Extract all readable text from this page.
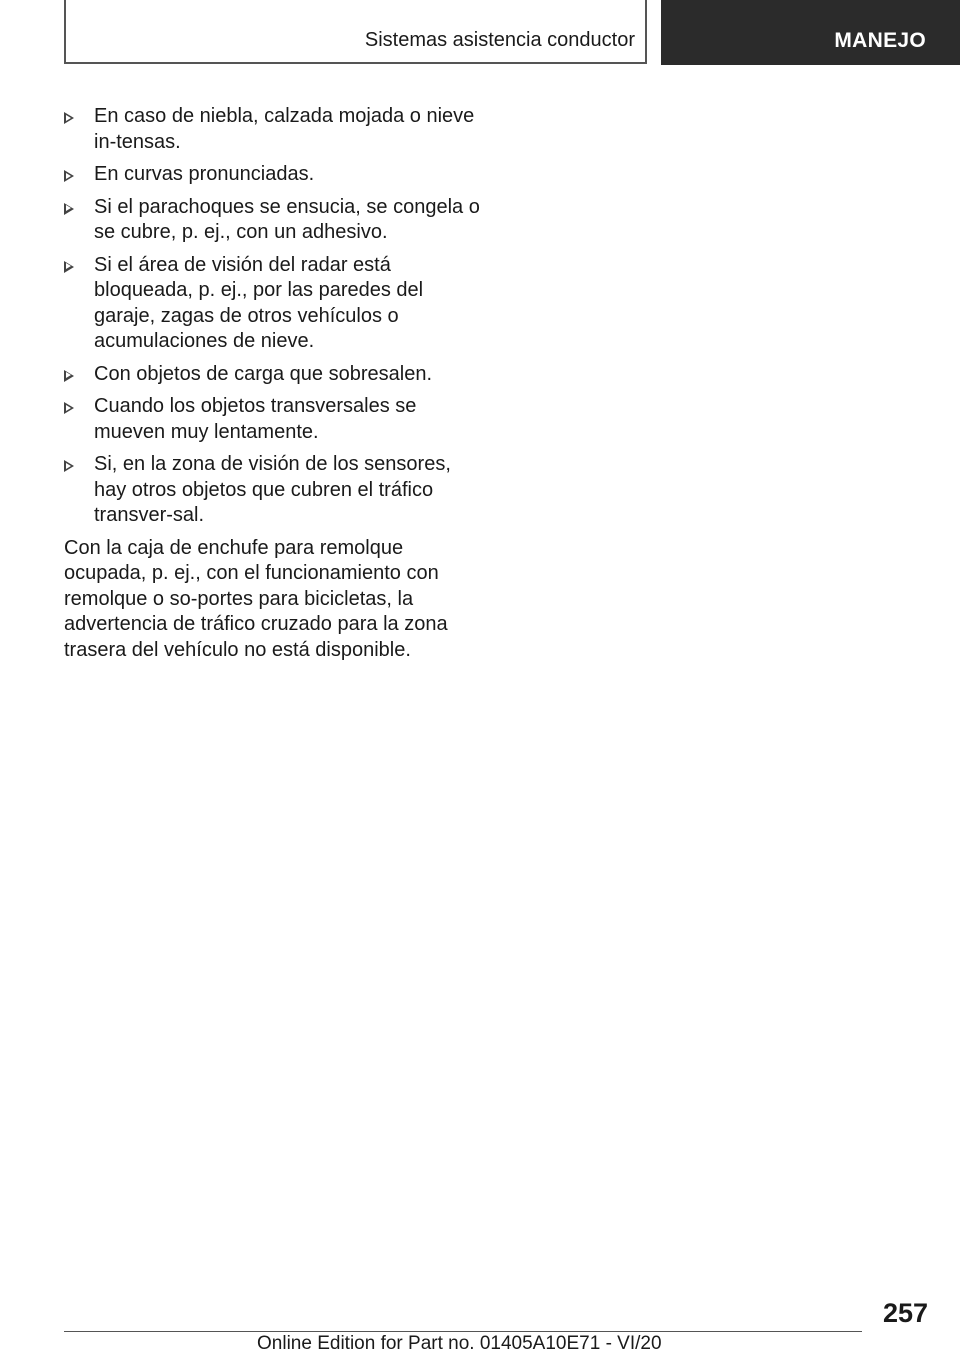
Sistemas asistencia conductor	MANEJO
En caso de niebla, calzada mojada o nieve in-tensas.
En curvas pronunciadas.
Si el parachoques se ensucia, se congela o se cubre, p. ej., con un adhesivo.
Si el área de visión del radar está bloqueada, p. ej., por las paredes del garaje, zagas de otros vehículos o acumulaciones de nieve.
Con objetos de carga que sobresalen.
Cuando los objetos transversales se mueven muy lentamente.
Si, en la zona de visión de los sensores, hay otros objetos que cubren el tráfico transver-sal.

Con la caja de enchufe para remolque ocupada, p. ej., con el funcionamiento con remolque o so-portes para bicicletas, la advertencia de tráfico cruzado para la zona trasera del vehículo no está disponible.

257
Online Edition for Part no. 01405A10E71 - VI/20
